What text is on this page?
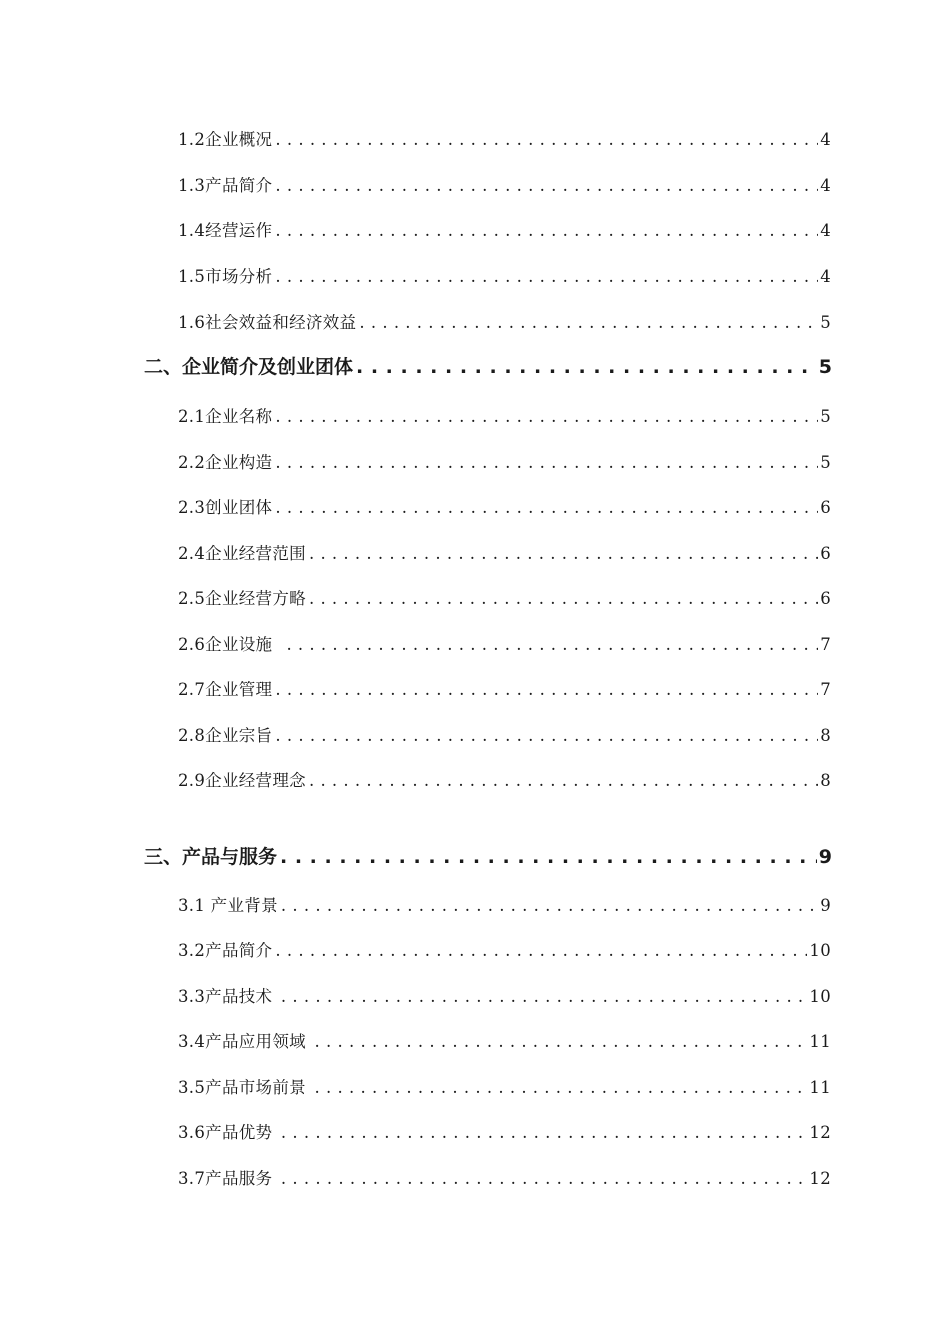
1.2企业概况 . . .	4
1.3产品简介 . . .	4
1.4经营运作 . . .	4
1.5市场分析 . . .	4
1.6社会效益和经济效益 . . .	5
二、企业简介及创业团体 . . .	5
2.1企业名称 . . .	5
2.2企业构造 . . .	5
2.3创业团体 . . .	6
2.4企业经营范围 . . .	6
2.5企业经营方略 . . .	6
2.6企业设施 . . .	7
2.7企业管理 . . .	7
2.8企业宗旨 . . .	8
2.9企业经营理念 . . .	8
三、产品与服务 . . .	9
3.1 产业背景 . . .	9
3.2产品简介 . . .	10
3.3产品技术 . . .	10
3.4产品应用领域 . . .	11
3.5产品市场前景 . . .	11
3.6产品优势 . . .	12
3.7产品服务 . . .	12
